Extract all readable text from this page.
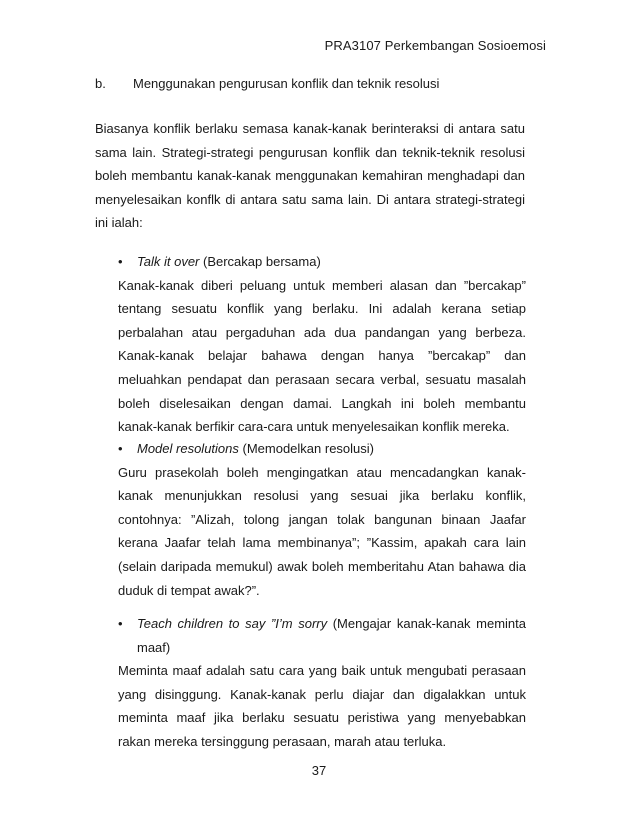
PRA3107 Perkembangan Sosioemosi
b.	Menggunakan pengurusan konflik dan teknik resolusi

Biasanya konflik berlaku semasa kanak-kanak berinteraksi di antara satu sama lain. Strategi-strategi pengurusan konflik dan teknik-teknik resolusi boleh membantu kanak-kanak menggunakan kemahiran menghadapi dan menyelesaikan konflk di antara satu sama lain. Di antara strategi-strategi ini ialah:

• Talk it over (Bercakap bersama)

Kanak-kanak diberi peluang untuk memberi alasan dan ”bercakap” tentang sesuatu konflik yang berlaku. Ini adalah kerana setiap perbalahan atau pergaduhan ada dua pandangan yang berbeza. Kanak-kanak belajar bahawa dengan hanya ”bercakap” dan meluahkan pendapat dan perasaan secara verbal, sesuatu masalah boleh diselesaikan dengan damai. Langkah ini boleh membantu kanak-kanak berfikir cara-cara untuk menyelesaikan konflik mereka.

• Model resolutions (Memodelkan resolusi)

Guru prasekolah boleh mengingatkan atau mencadangkan kanak-kanak menunjukkan resolusi yang sesuai jika berlaku konflik, contohnya: ”Alizah, tolong jangan tolak bangunan binaan Jaafar kerana Jaafar telah lama membinanya”; ”Kassim, apakah cara lain (selain daripada memukul) awak boleh memberitahu Atan bahawa dia duduk di tempat awak?”.

• Teach children to say ”I’m sorry (Mengajar kanak-kanak meminta maaf)

Meminta maaf adalah satu cara yang baik untuk mengubati perasaan yang disinggung. Kanak-kanak perlu diajar dan digalakkan untuk meminta maaf jika berlaku sesuatu peristiwa yang menyebabkan rakan mereka tersinggung perasaan, marah atau terluka.

37
